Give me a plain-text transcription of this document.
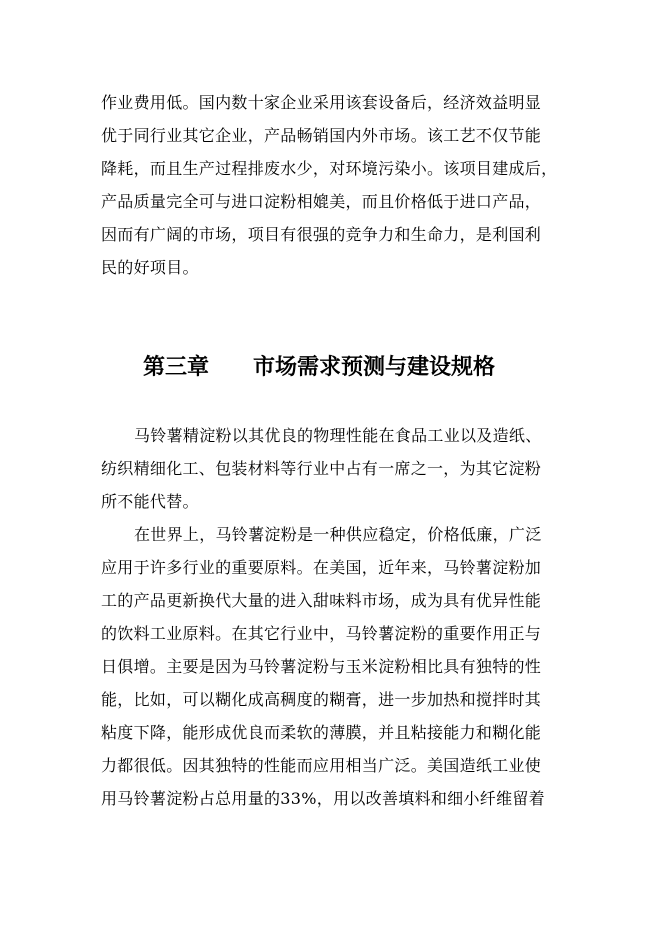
作业费用低。国内数十家企业采用该套设备后，经济效益明显
优于同行业其它企业，产品畅销国内外市场。该工艺不仅节能
降耗，而且生产过程排废水少，对环境污染小。该项目建成后，
产品质量完全可与进口淀粉相媲美，而且价格低于进口产品，
因而有广阔的市场，项目有很强的竞争力和生命力，是利国利
民的好项目。
第三章 市场需求预测与建设规格
马铃薯精淀粉以其优良的物理性能在食品工业以及造纸、
纺织精细化工、包装材料等行业中占有一席之一，为其它淀粉
所不能代替。
在世界上，马铃薯淀粉是一种供应稳定，价格低廉，广泛
应用于许多行业的重要原料。在美国，近年来，马铃薯淀粉加
工的产品更新换代大量的进入甜味料市场，成为具有优异性能
的饮料工业原料。在其它行业中，马铃薯淀粉的重要作用正与
日俱增。主要是因为马铃薯淀粉与玉米淀粉相比具有独特的性
能，比如，可以糊化成高稠度的糊膏，进一步加热和搅拌时其
粘度下降，能形成优良而柔软的薄膜，并且粘接能力和糊化能
力都很低。因其独特的性能而应用相当广泛。美国造纸工业使
用马铃薯淀粉占总用量的33%，用以改善填料和细小纤维留着
